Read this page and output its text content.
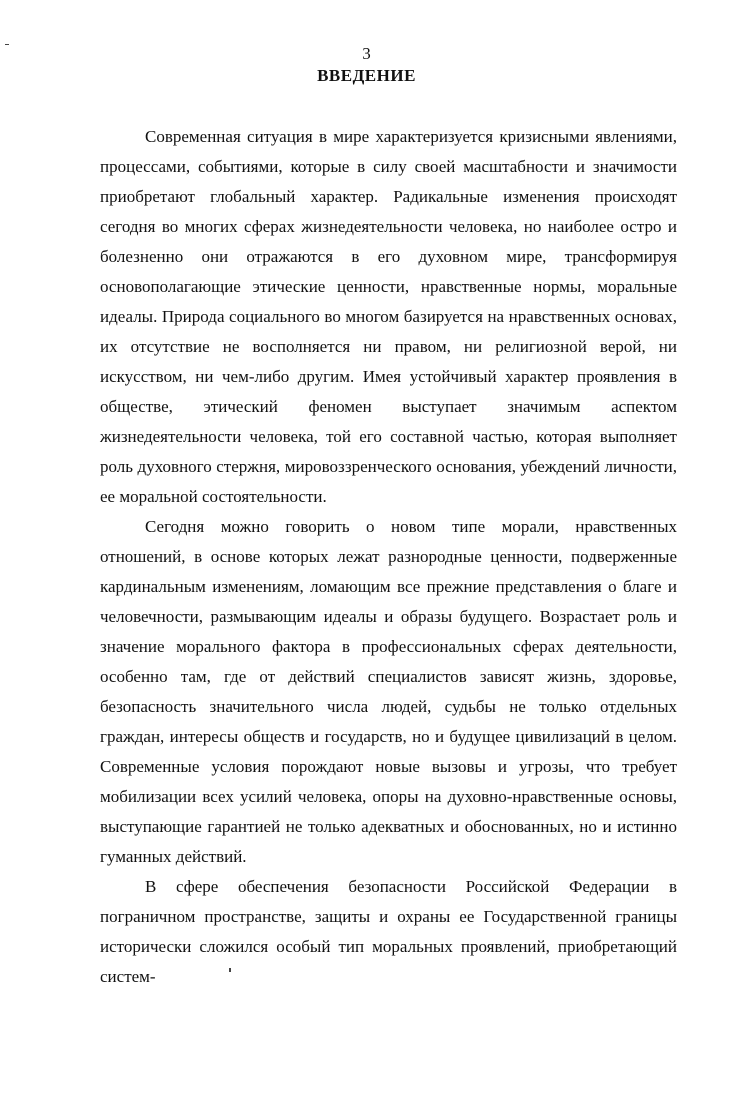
3
ВВЕДЕНИЕ

Современная ситуация в мире характеризуется кризисными явлениями, процессами, событиями, которые в силу своей масштабности и значимости приобретают глобальный характер. Радикальные изменения происходят сегодня во многих сферах жизнедеятельности человека, но наиболее остро и болезненно они отражаются в его духовном мире, трансформируя основополагающие этические ценности, нравственные нормы, моральные идеалы. Природа социального во многом базируется на нравственных основах, их отсутствие не восполняется ни правом, ни религиозной верой, ни искусством, ни чем-либо другим. Имея устойчивый характер проявления в обществе, этический феномен выступает значимым аспектом жизнедеятельности человека, той его составной частью, которая выполняет роль духовного стержня, мировоззренческого основания, убеждений личности, ее моральной состоятельности.

Сегодня можно говорить о новом типе морали, нравственных отношений, в основе которых лежат разнородные ценности, подверженные кардинальным изменениям, ломающим все прежние представления о благе и человечности, размывающим идеалы и образы будущего. Возрастает роль и значение морального фактора в профессиональных сферах деятельности, особенно там, где от действий специалистов зависят жизнь, здоровье, безопасность значительного числа людей, судьбы не только отдельных граждан, интересы обществ и государств, но и будущее цивилизаций в целом. Современные условия порождают новые вызовы и угрозы, что требует мобилизации всех усилий человека, опоры на духовно-нравственные основы, выступающие гарантией не только адекватных и обоснованных, но и истинно гуманных действий.

В сфере обеспечения безопасности Российской Федерации в пограничном пространстве, защиты и охраны ее Государственной границы исторически сложился особый тип моральных проявлений, приобретающий систем-
